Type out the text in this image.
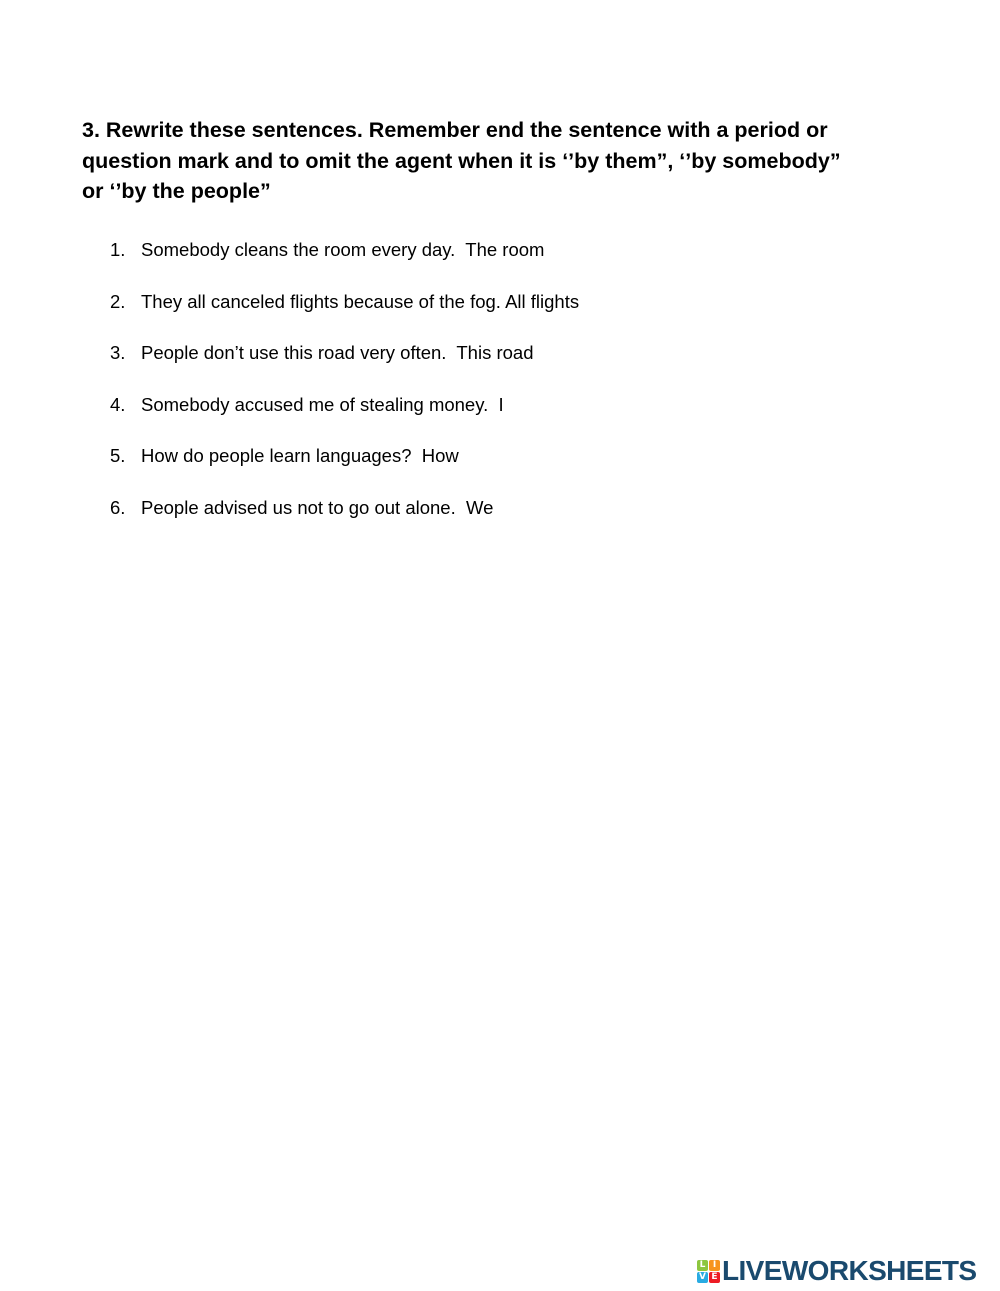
3. Rewrite these sentences. Remember end the sentence with a period or
question mark and to omit the agent when it is ‘’by them”, ‘’by somebody”
or ‘’by the people”

1. Somebody cleans the room every day.  The room
2. They all canceled flights because of the fog. All flights
3. People don’t use this road very often.  This road
4. Somebody accused me of stealing money.  I
5. How do people learn languages?  How
6. People advised us not to go out alone.  We
L I
V E LIVEWORKSHEETS
